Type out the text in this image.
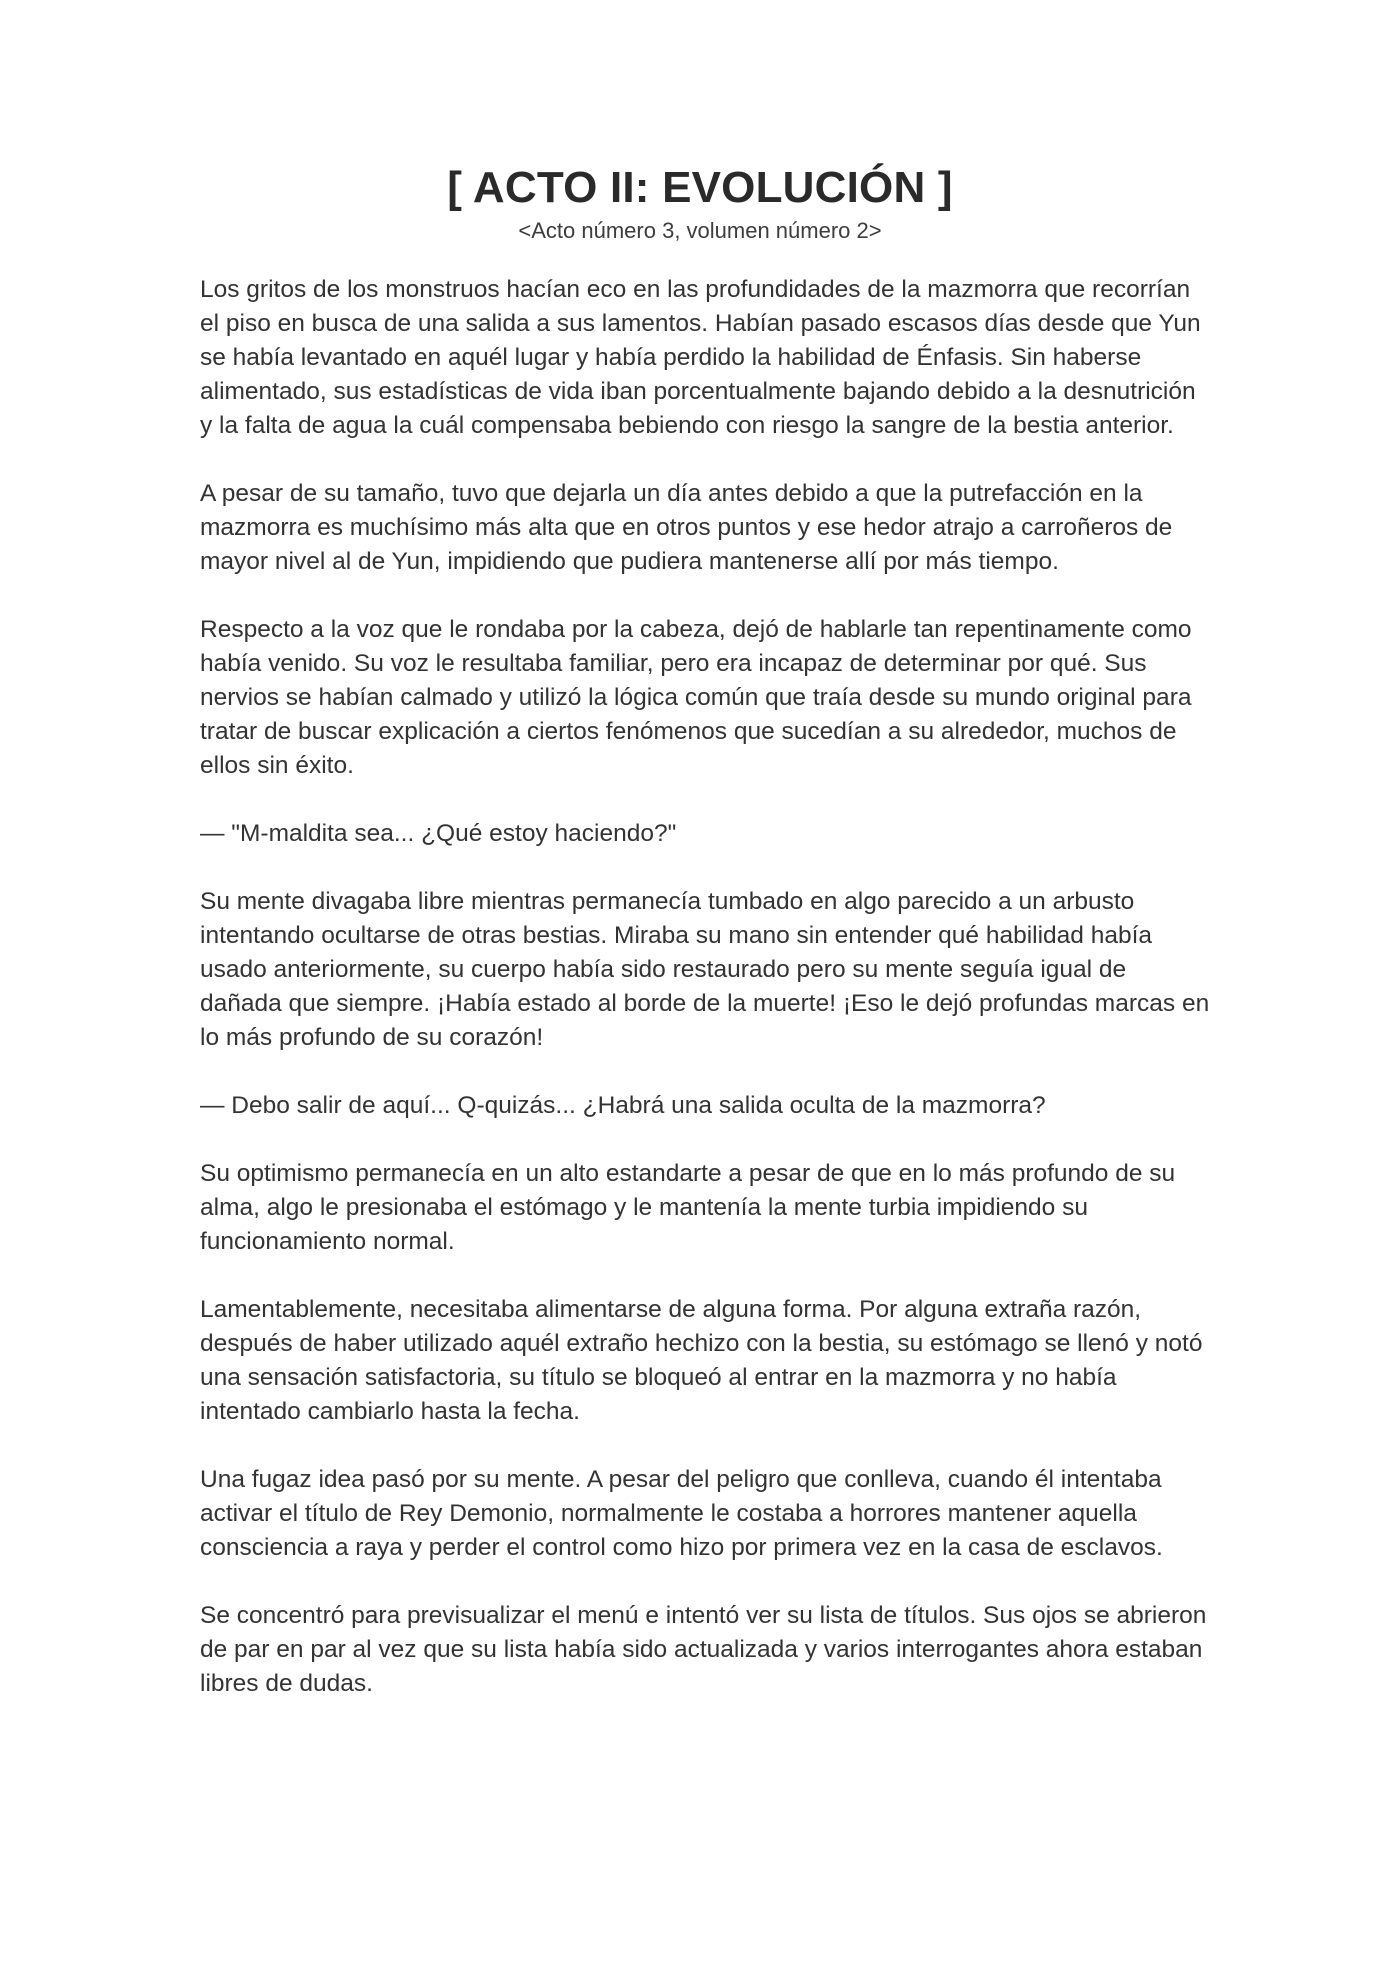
[ ACTO II: EVOLUCIÓN ]
<Acto número 3, volumen número 2>

Los gritos de los monstruos hacían eco en las profundidades de la mazmorra que recorrían el piso en busca de una salida a sus lamentos. Habían pasado escasos días desde que Yun se había levantado en aquél lugar y había perdido la habilidad de Énfasis. Sin haberse alimentado, sus estadísticas de vida iban porcentualmente bajando debido a la desnutrición y la falta de agua la cuál compensaba bebiendo con riesgo la sangre de la bestia anterior.

A pesar de su tamaño, tuvo que dejarla un día antes debido a que la putrefacción en la mazmorra es muchísimo más alta que en otros puntos y ese hedor atrajo a carroñeros de mayor nivel al de Yun, impidiendo que pudiera mantenerse allí por más tiempo.

Respecto a la voz que le rondaba por la cabeza, dejó de hablarle tan repentinamente como había venido. Su voz le resultaba familiar, pero era incapaz de determinar por qué. Sus nervios se habían calmado y utilizó la lógica común que traía desde su mundo original para tratar de buscar explicación a ciertos fenómenos que sucedían a su alrededor, muchos de ellos sin éxito.

— "M-maldita sea... ¿Qué estoy haciendo?"

Su mente divagaba libre mientras permanecía tumbado en algo parecido a un arbusto intentando ocultarse de otras bestias. Miraba su mano sin entender qué habilidad había usado anteriormente, su cuerpo había sido restaurado pero su mente seguía igual de dañada que siempre. ¡Había estado al borde de la muerte! ¡Eso le dejó profundas marcas en lo más profundo de su corazón!

— Debo salir de aquí... Q-quizás... ¿Habrá una salida oculta de la mazmorra?

Su optimismo permanecía en un alto estandarte a pesar de que en lo más profundo de su alma, algo le presionaba el estómago y le mantenía la mente turbia impidiendo su funcionamiento normal.

Lamentablemente, necesitaba alimentarse de alguna forma. Por alguna extraña razón, después de haber utilizado aquél extraño hechizo con la bestia, su estómago se llenó y notó una sensación satisfactoria, su título se bloqueó al entrar en la mazmorra y no había intentado cambiarlo hasta la fecha.

Una fugaz idea pasó por su mente. A pesar del peligro que conlleva, cuando él intentaba activar el título de Rey Demonio, normalmente le costaba a horrores mantener aquella consciencia a raya y perder el control como hizo por primera vez en la casa de esclavos.

Se concentró para previsualizar el menú e intentó ver su lista de títulos. Sus ojos se abrieron de par en par al vez que su lista había sido actualizada y varios interrogantes ahora estaban libres de dudas.
